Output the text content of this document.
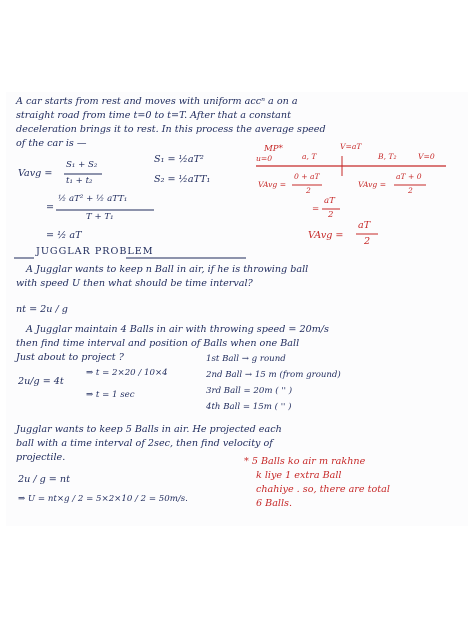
A car starts from rest and moves with uniform accⁿ a on a
straight road from time t=0 to t=T. After that a constant
deceleration brings it to rest. In this process the average speed
of the car is —
Vavg =
S₁ + S₂
t₁ + t₂
S₁ = ½aT²
S₂ = ½aTT₁
=
½ aT² + ½ aTT₁
T + T₁
= ½ aT
MP*
u=0	a, T
V=aT
B, T₂	V=0
VAvg =
0 + aT
2
VAvg =
aT + 0
2
=
aT
2
VAvg =
aT
2
JUGGLAR PROBLEM
A Jugglar wants to keep n Ball in air, if he is throwing ball
with speed U then what should be time interval?
nt = 2u / g
A Jugglar maintain 4 Balls in air with throwing speed = 20m/s
then find time interval and position of Balls when one Ball
Just about to project ?
2u/g = 4t
⇒ t = 2×20 / 10×4
⇒ t = 1 sec
1st Ball → g round
2nd Ball → 15 m (from ground)
3rd Ball = 20m ( '' )
4th Ball = 15m ( '' )
Jugglar wants to keep 5 Balls in air. He projected each
ball with a time interval of 2sec, then find velocity of
projectile.
2u / g = nt
⇒ U = nt×g / 2 = 5×2×10 / 2 = 50m/s.
* 5 Balls ko air m rakhne
k liye 1 extra Ball
chahiye . so, there are total
6 Balls.
